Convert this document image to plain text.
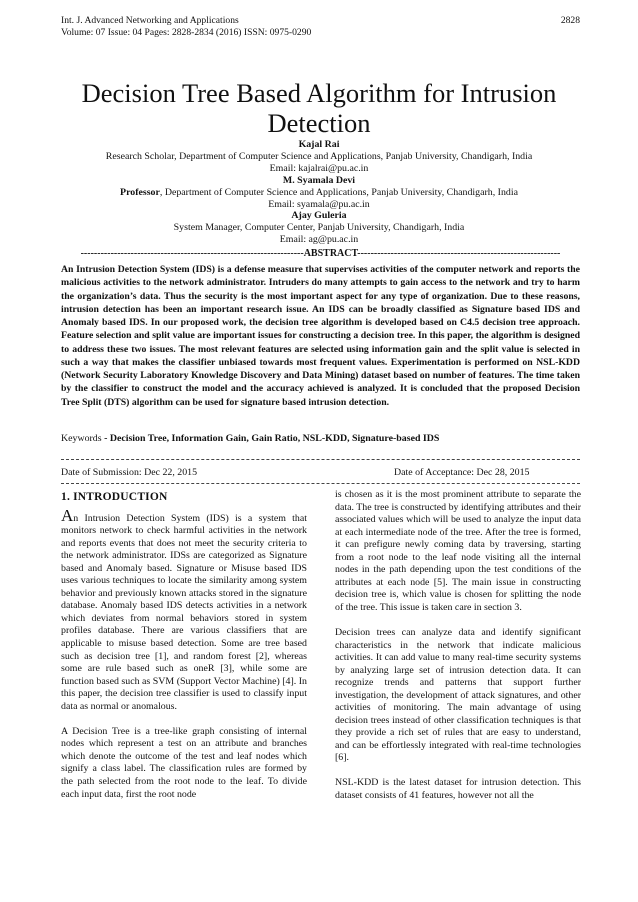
Int. J. Advanced Networking and Applications
Volume: 07 Issue: 04 Pages: 2828-2834 (2016) ISSN: 0975-0290
2828
Decision Tree Based Algorithm for Intrusion Detection
Kajal Rai
Research Scholar, Department of Computer Science and Applications, Panjab University, Chandigarh, India
Email: kajalrai@pu.ac.in
M. Syamala Devi
Professor, Department of Computer Science and Applications, Panjab University, Chandigarh, India
Email: syamala@pu.ac.in
Ajay Guleria
System Manager, Computer Center, Panjab University, Chandigarh, India
Email: ag@pu.ac.in
-------------------------------------------------------------------ABSTRACT-------------------------------------------------------------
An Intrusion Detection System (IDS) is a defense measure that supervises activities of the computer network and reports the malicious activities to the network administrator. Intruders do many attempts to gain access to the network and try to harm the organization’s data. Thus the security is the most important aspect for any type of organization. Due to these reasons, intrusion detection has been an important research issue. An IDS can be broadly classified as Signature based IDS and Anomaly based IDS. In our proposed work, the decision tree algorithm is developed based on C4.5 decision tree approach. Feature selection and split value are important issues for constructing a decision tree. In this paper, the algorithm is designed to address these two issues. The most relevant features are selected using information gain and the split value is selected in such a way that makes the classifier unbiased towards most frequent values. Experimentation is performed on NSL-KDD (Network Security Laboratory Knowledge Discovery and Data Mining) dataset based on number of features. The time taken by the classifier to construct the model and the accuracy achieved is analyzed. It is concluded that the proposed Decision Tree Split (DTS) algorithm can be used for signature based intrusion detection.
Keywords - Decision Tree, Information Gain, Gain Ratio, NSL-KDD, Signature-based IDS
Date of Submission: Dec 22, 2015	Date of Acceptance: Dec 28, 2015
1. INTRODUCTION

An Intrusion Detection System (IDS) is a system that monitors network to check harmful activities in the network and reports events that does not meet the security criteria to the network administrator. IDSs are categorized as Signature based and Anomaly based. Signature or Misuse based IDS uses various techniques to locate the similarity among system behavior and previously known attacks stored in the signature database. Anomaly based IDS detects activities in a network which deviates from normal behaviors stored in system profiles database. There are various classifiers that are applicable to misuse based detection. Some are tree based such as decision tree [1], and random forest [2], whereas some are rule based such as oneR [3], while some are function based such as SVM (Support Vector Machine) [4]. In this paper, the decision tree classifier is used to classify input data as normal or anomalous.

A Decision Tree is a tree-like graph consisting of internal nodes which represent a test on an attribute and branches which denote the outcome of the test and leaf nodes which signify a class label. The classification rules are formed by the path selected from the root node to the leaf. To divide each input data, first the root node

is chosen as it is the most prominent attribute to separate the data. The tree is constructed by identifying attributes and their associated values which will be used to analyze the input data at each intermediate node of the tree. After the tree is formed, it can prefigure newly coming data by traversing, starting from a root node to the leaf node visiting all the internal nodes in the path depending upon the test conditions of the attributes at each node [5]. The main issue in constructing decision tree is, which value is chosen for splitting the node of the tree. This issue is taken care in section 3.

Decision trees can analyze data and identify significant characteristics in the network that indicate malicious activities. It can add value to many real-time security systems by analyzing large set of intrusion detection data. It can recognize trends and patterns that support further investigation, the development of attack signatures, and other activities of monitoring. The main advantage of using decision trees instead of other classification techniques is that they provide a rich set of rules that are easy to understand, and can be effortlessly integrated with real-time technologies [6].

NSL-KDD is the latest dataset for intrusion detection. This dataset consists of 41 features, however not all the
